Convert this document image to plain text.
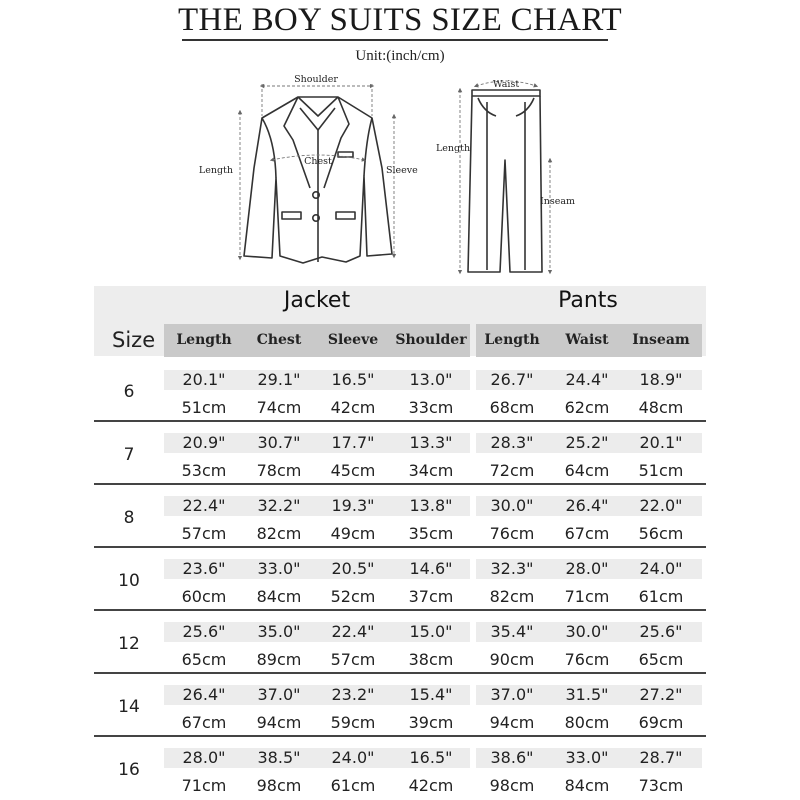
THE BOY SUITS SIZE CHART
Unit:(inch/cm)
Shoulder
Chest
Length	Sleeve
Waist
Length
Inseam
Jacket	Pants
Size	Length	Chest	Sleeve	Shoulder	Length	Waist	Inseam
6
20.1"	29.1"	16.5"	13.0"	26.7"	24.4"	18.9"
51cm	74cm	42cm	33cm	68cm	62cm	48cm
7
20.9"	30.7"	17.7"	13.3"	28.3"	25.2"	20.1"
53cm	78cm	45cm	34cm	72cm	64cm	51cm
8
22.4"	32.2"	19.3"	13.8"	30.0"	26.4"	22.0"
57cm	82cm	49cm	35cm	76cm	67cm	56cm
10
23.6"	33.0"	20.5"	14.6"	32.3"	28.0"	24.0"
60cm	84cm	52cm	37cm	82cm	71cm	61cm
12
25.6"	35.0"	22.4"	15.0"	35.4"	30.0"	25.6"
65cm	89cm	57cm	38cm	90cm	76cm	65cm
14
26.4"	37.0"	23.2"	15.4"	37.0"	31.5"	27.2"
67cm	94cm	59cm	39cm	94cm	80cm	69cm
16
28.0"	38.5"	24.0"	16.5"	38.6"	33.0"	28.7"
71cm	98cm	61cm	42cm	98cm	84cm	73cm
